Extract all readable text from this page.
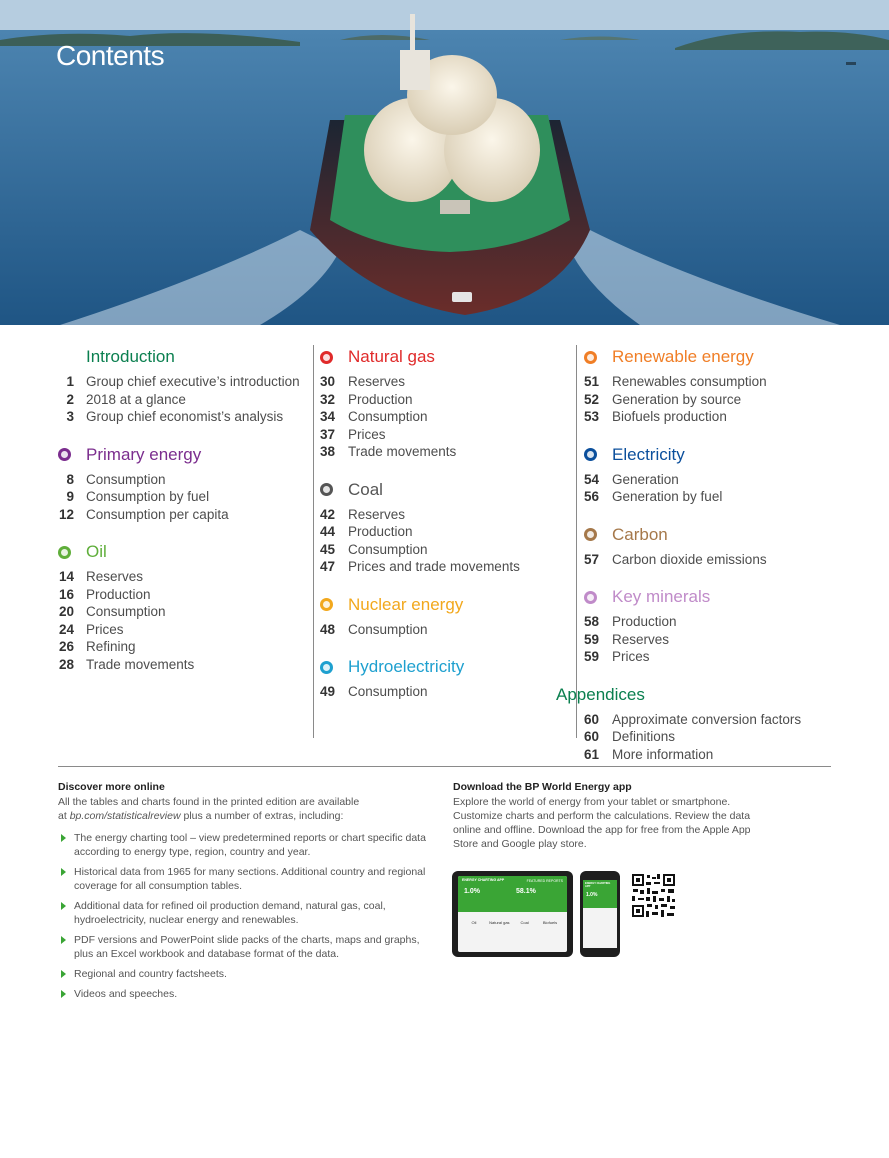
Contents
Introduction
1 Group chief executive’s introduction
2 2018 at a glance
3 Group chief economist’s analysis
Primary energy
8 Consumption
9 Consumption by fuel
12 Consumption per capita
Oil
14 Reserves
16 Production
20 Consumption
24 Prices
26 Refining
28 Trade movements
Natural gas
30 Reserves
32 Production
34 Consumption
37 Prices
38 Trade movements
Coal
42 Reserves
44 Production
45 Consumption
47 Prices and trade movements
Nuclear energy
48 Consumption
Hydroelectricity
49 Consumption
Renewable energy
51 Renewables consumption
52 Generation by source
53 Biofuels production
Electricity
54 Generation
56 Generation by fuel
Carbon
57 Carbon dioxide emissions
Key minerals
58 Production
59 Reserves
59 Prices
Appendices
60 Approximate conversion factors
60 Definitions
61 More information
Discover more online

All the tables and charts found in the printed edition are available
at bp.com/statisticalreview plus a number of extras, including:

The energy charting tool – view predetermined reports or chart specific data according to energy type, region, country and year.
Historical data from 1965 for many sections. Additional country and regional coverage for all consumption tables.
Additional data for refined oil production demand, natural gas, coal, hydroelectricity, nuclear energy and renewables.
PDF versions and PowerPoint slide packs of the charts, maps and graphs, plus an Excel workbook and database format of the data.
Regional and country factsheets.
Videos and speeches.
Download the BP World Energy app

Explore the world of energy from your tablet or smartphone. Customize charts and perform the calculations. Review the data online and offline. Download the app for free from the Apple App Store and Google play store.

ENERGY CHARTING APP	FEATURED REPORTS
1.0%	58.1%
Oil	Natural gas	Coal	Biofuels
ENERGY CHARTING APP
1.0%
